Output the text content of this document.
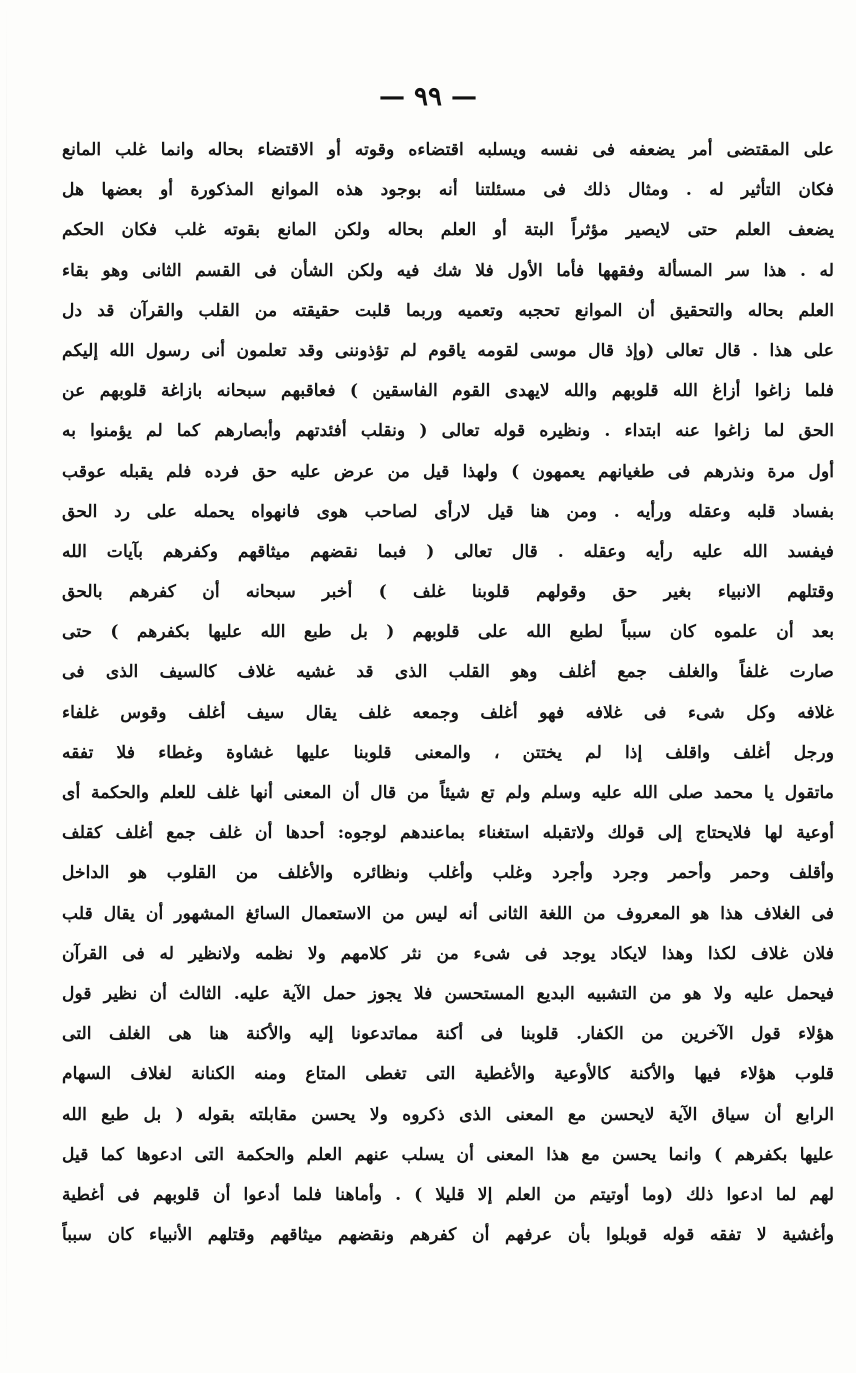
— ٩٩ —
على المقتضى أمر يضعفه فى نفسه ويسلبه اقتضاءه وقوته أو الاقتضاء بحاله وانما غلب المانع
فكان التأثير له . ومثال ذلك فى مسئلتنا أنه بوجود هذه الموانع المذكورة أو بعضها هل
يضعف العلم حتى لايصير مؤثراً البتة أو العلم بحاله ولكن المانع بقوته غلب فكان الحكم
له . هذا سر المسألة وفقهها فأما الأول فلا شك فيه ولكن الشأن فى القسم الثانى وهو بقاء
العلم بحاله والتحقيق أن الموانع تحجبه وتعميه وربما قلبت حقيقته من القلب والقرآن قد دل
على هذا . قال تعالى (وإذ قال موسى لقومه ياقوم لم تؤذوننى وقد تعلمون أنى رسول الله إليكم
فلما زاغوا أزاغ الله قلوبهم والله لايهدى القوم الفاسقين ) فعاقبهم سبحانه بازاغة قلوبهم عن
الحق لما زاغوا عنه ابتداء . ونظيره قوله تعالى ( ونقلب أفئدتهم وأبصارهم كما لم يؤمنوا به
أول مرة ونذرهم فى طغيانهم يعمهون ) ولهذا قيل من عرض عليه حق فرده فلم يقبله عوقب
بفساد قلبه وعقله ورأيه . ومن هنا قيل لارأى لصاحب هوى فانهواه يحمله على رد الحق
فيفسد الله عليه رأيه وعقله . قال تعالى ( فبما نقضهم ميثاقهم وكفرهم بآيات الله
وقتلهم الانبياء بغير حق وقولهم قلوبنا غلف ) أخبر سبحانه أن كفرهم بالحق
بعد أن علموه كان سبباً لطبع الله على قلوبهم ( بل طبع الله عليها بكفرهم ) حتى
صارت غلفاً والغلف جمع أغلف وهو القلب الذى قد غشيه غلاف كالسيف الذى فى
غلافه وكل شىء فى غلافه فهو أغلف وجمعه غلف يقال سيف أغلف وقوس غلفاء
ورجل أغلف واقلف إذا لم يختتن ، والمعنى قلوبنا عليها غشاوة وغطاء فلا تفقه
ماتقول يا محمد صلى الله عليه وسلم ولم تع شيئاً من قال أن المعنى أنها غلف للعلم والحكمة أى
أوعية لها فلايحتاج إلى قولك ولاتقبله استغناء بماعندهم لوجوه: أحدها أن غلف جمع أغلف كقلف
وأقلف وحمر وأحمر وجرد وأجرد وغلب وأغلب ونظائره والأغلف من القلوب هو الداخل
فى الغلاف هذا هو المعروف من اللغة الثانى أنه ليس من الاستعمال السائغ المشهور أن يقال قلب
فلان غلاف لكذا وهذا لايكاد يوجد فى شىء من نثر كلامهم ولا نظمه ولانظير له فى القرآن
فيحمل عليه ولا هو من التشبيه البديع المستحسن فلا يجوز حمل الآية عليه. الثالث أن نظير قول
هؤلاء قول الآخرين من الكفار. قلوبنا فى أكنة مماتدعونا إليه والأكنة هنا هى الغلف التى
قلوب هؤلاء فيها والأكنة كالأوعية والأغطية التى تغطى المتاع ومنه الكنانة لغلاف السهام
الرابع أن سياق الآية لايحسن مع المعنى الذى ذكروه ولا يحسن مقابلته بقوله ( بل طبع الله
عليها بكفرهم ) وانما يحسن مع هذا المعنى أن يسلب عنهم العلم والحكمة التى ادعوها كما قيل
لهم لما ادعوا ذلك (وما أوتيتم من العلم إلا قليلا ) . وأماهنا فلما أدعوا أن قلوبهم فى أغطية
وأغشية لا تفقه قوله قوبلوا بأن عرفهم أن كفرهم ونقضهم ميثاقهم وقتلهم الأنبياء كان سبباً
